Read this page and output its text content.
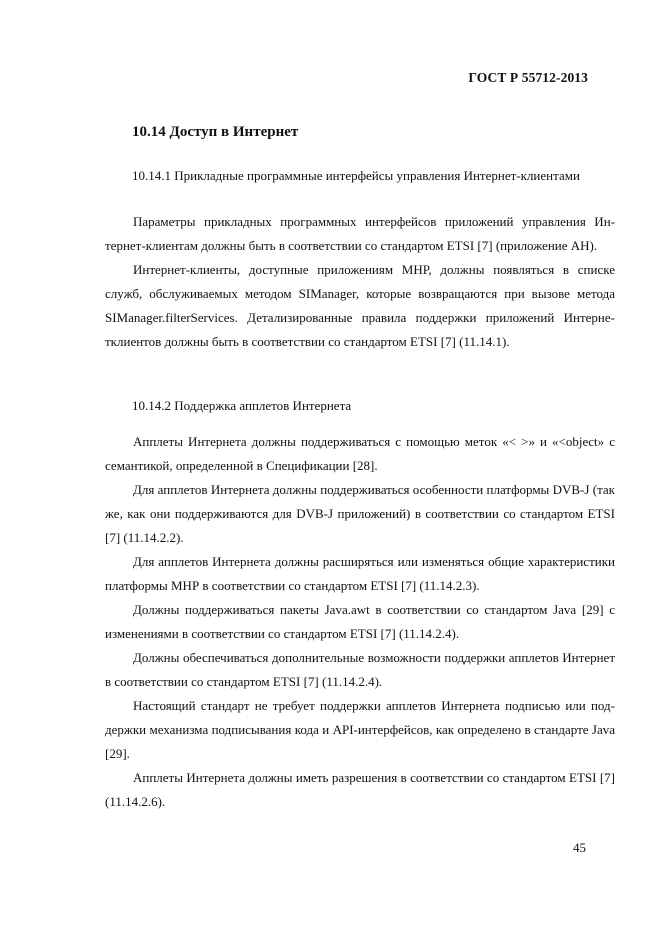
ГОСТ Р 55712-2013
10.14 Доступ в Интернет
10.14.1 Прикладные программные интерфейсы управления Интернет-клиентами

Параметры прикладных программных интерфейсов приложений управления Интернет-клиентам должны быть в соответствии со стандартом ETSI [7] (приложение АН).

Интернет-клиенты, доступные приложениям МНР, должны появляться в списке служб, обслуживаемых методом SIManager, которые возвращаются при вызове метода SIManager.filterServices. Детализированные правила поддержки приложений Интернетклиентов должны быть в соответствии со стандартом ETSI [7] (11.14.1).

10.14.2 Поддержка апплетов Интернета

Апплеты Интернета должны поддерживаться с помощью меток «< >» и «<object» с семантикой, определенной в Спецификации [28].

Для апплетов Интернета должны поддерживаться особенности платформы DVB-J (так же, как они поддерживаются для DVB-J приложений) в соответствии со стандартом ETSI [7] (11.14.2.2).

Для апплетов Интернета должны расширяться или изменяться общие характеристики платформы МНР в соответствии со стандартом ETSI [7] (11.14.2.3).

Должны поддерживаться пакеты Java.awt в соответствии со стандартом Java [29] с изменениями в соответствии со стандартом ETSI [7] (11.14.2.4).

Должны обеспечиваться дополнительные возможности поддержки апплетов Интернет в соответствии со стандартом ETSI [7] (11.14.2.4).

Настоящий стандарт не требует поддержки апплетов Интернета подписью или поддержки механизма подписывания кода и API-интерфейсов, как определено в стандарте Java [29].

Апплеты Интернета должны иметь разрешения в соответствии со стандартом ETSI [7] (11.14.2.6).

45
